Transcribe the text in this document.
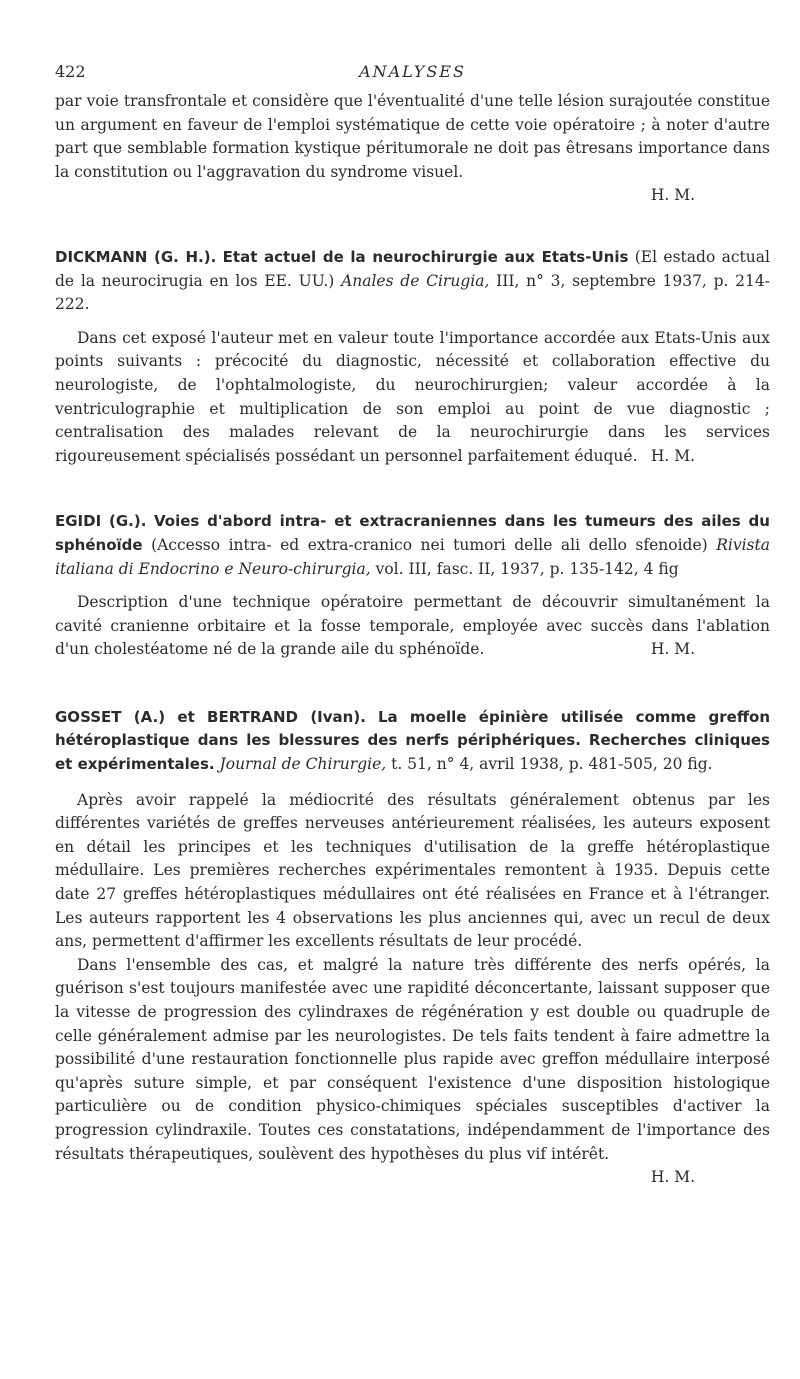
422	ANALYSES

par voie transfrontale et considère que l'éventualité d'une telle lésion surajoutée constitue un argument en faveur de l'emploi systématique de cette voie opératoire ; à noter d'autre part que semblable formation kystique péritumorale ne doit pas êtresans importance dans la constitution ou l'aggravation du syndrome visuel.

H. M.

DICKMANN (G. H.). Etat actuel de la neurochirurgie aux Etats-Unis (El estado actual de la neurocirugia en los EE. UU.) Anales de Cirugia, III, n° 3, septembre 1937, p. 214-222.

Dans cet exposé l'auteur met en valeur toute l'importance accordée aux Etats-Unis aux points suivants : précocité du diagnostic, nécessité et collaboration effective du neurologiste, de l'ophtalmologiste, du neurochirurgien; valeur accordée à la ventriculographie et multiplication de son emploi au point de vue diagnostic ; centralisation des malades relevant de la neurochirurgie dans les services rigoureusement spécialisés possédant un personnel parfaitement éduqué. H. M.

EGIDI (G.). Voies d'abord intra- et extracraniennes dans les tumeurs des ailes du sphénoïde (Accesso intra- ed extra-cranico nei tumori delle ali dello sfenoide) Rivista italiana di Endocrino e Neuro-chirurgia, vol. III, fasc. II, 1937, p. 135-142, 4 fig

Description d'une technique opératoire permettant de découvrir simultanément la cavité cranienne orbitaire et la fosse temporale, employée avec succès dans l'ablation d'un cholestéatome né de la grande aile du sphénoïde.	H. M.

GOSSET (A.) et BERTRAND (Ivan). La moelle épinière utilisée comme greffon hétéroplastique dans les blessures des nerfs périphériques. Recherches cliniques et expérimentales. Journal de Chirurgie, t. 51, n° 4, avril 1938, p. 481-505, 20 fig.

Après avoir rappelé la médiocrité des résultats généralement obtenus par les différentes variétés de greffes nerveuses antérieurement réalisées, les auteurs exposent en détail les principes et les techniques d'utilisation de la greffe hétéroplastique médullaire. Les premières recherches expérimentales remontent à 1935. Depuis cette date 27 greffes hétéroplastiques médullaires ont été réalisées en France et à l'étranger. Les auteurs rapportent les 4 observations les plus anciennes qui, avec un recul de deux ans, permettent d'affirmer les excellents résultats de leur procédé.

Dans l'ensemble des cas, et malgré la nature très différente des nerfs opérés, la guérison s'est toujours manifestée avec une rapidité déconcertante, laissant supposer que la vitesse de progression des cylindraxes de régénération y est double ou quadruple de celle généralement admise par les neurologistes. De tels faits tendent à faire admettre la possibilité d'une restauration fonctionnelle plus rapide avec greffon médullaire interposé qu'après suture simple, et par conséquent l'existence d'une disposition histologique particulière ou de condition physico-chimiques spéciales susceptibles d'activer la progression cylindraxile. Toutes ces constatations, indépendamment de l'importance des résultats thérapeutiques, soulèvent des hypothèses du plus vif intérêt.

H. M.
